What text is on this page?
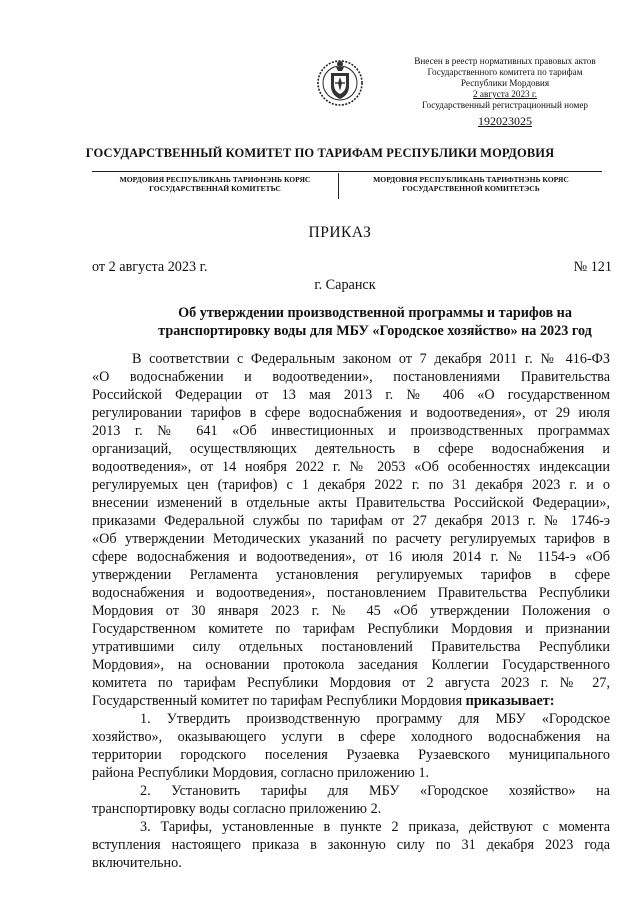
Внесен в реестр нормативных правовых актов
Государственного комитета по тарифам
Республики Мордовия
2 августа 2023 г.
Государственный регистрационный номер
192023025
ГОСУДАРСТВЕННЫЙ КОМИТЕТ ПО ТАРИФАМ РЕСПУБЛИКИ МОРДОВИЯ
МОРДОВИЯ РЕСПУБЛИКАНЬ ТАРИФНЭНЬ КОРЯС
ГОСУДАРСТВЕННАЙ КОМИТЕТЬС
МОРДОВИЯ РЕСПУБЛИКАНЬ ТАРИФТНЭНЬ КОРЯС
ГОСУДАРСТВЕННОЙ КОМИТЕТЭСЬ
ПРИКАЗ
от 2 августа 2023 г.	№ 121
г. Саранск
Об утверждении производственной программы и тарифов на
транспортировку воды для МБУ «Городское хозяйство» на 2023 год
В соответствии с Федеральным законом от 7 декабря 2011 г. № 416-ФЗ
«О водоснабжении и водоотведении», постановлениями Правительства
Российской Федерации от 13 мая 2013 г. № 406 «О государственном
регулировании тарифов в сфере водоснабжения и водоотведения», от 29 июля
2013 г. № 641 «Об инвестиционных и производственных программах
организаций, осуществляющих деятельность в сфере водоснабжения и
водоотведения», от 14 ноября 2022 г. № 2053 «Об особенностях индексации
регулируемых цен (тарифов) с 1 декабря 2022 г. по 31 декабря 2023 г. и о
внесении изменений в отдельные акты Правительства Российской Федерации»,
приказами Федеральной службы по тарифам от 27 декабря 2013 г. № 1746-э
«Об утверждении Методических указаний по расчету регулируемых тарифов в
сфере водоснабжения и водоотведения», от 16 июля 2014 г. № 1154-э «Об
утверждении Регламента установления регулируемых тарифов в сфере
водоснабжения и водоотведения», постановлением Правительства Республики
Мордовия от 30 января 2023 г. № 45 «Об утверждении Положения о
Государственном комитете по тарифам Республики Мордовия и признании
утратившими силу отдельных постановлений Правительства Республики
Мордовия», на основании протокола заседания Коллегии Государственного
комитета по тарифам Республики Мордовия от 2 августа 2023 г. № 27,
Государственный комитет по тарифам Республики Мордовия приказывает:
1. Утвердить производственную программу для МБУ «Городское
хозяйство», оказывающего услуги в сфере холодного водоснабжения на
территории городского поселения Рузаевка Рузаевского муниципального
района Республики Мордовия, согласно приложению 1.
2. Установить тарифы для МБУ «Городское хозяйство» на
транспортировку воды согласно приложению 2.
3. Тарифы, установленные в пункте 2 приказа, действуют с момента
вступления настоящего приказа в законную силу по 31 декабря 2023 года
включительно.
